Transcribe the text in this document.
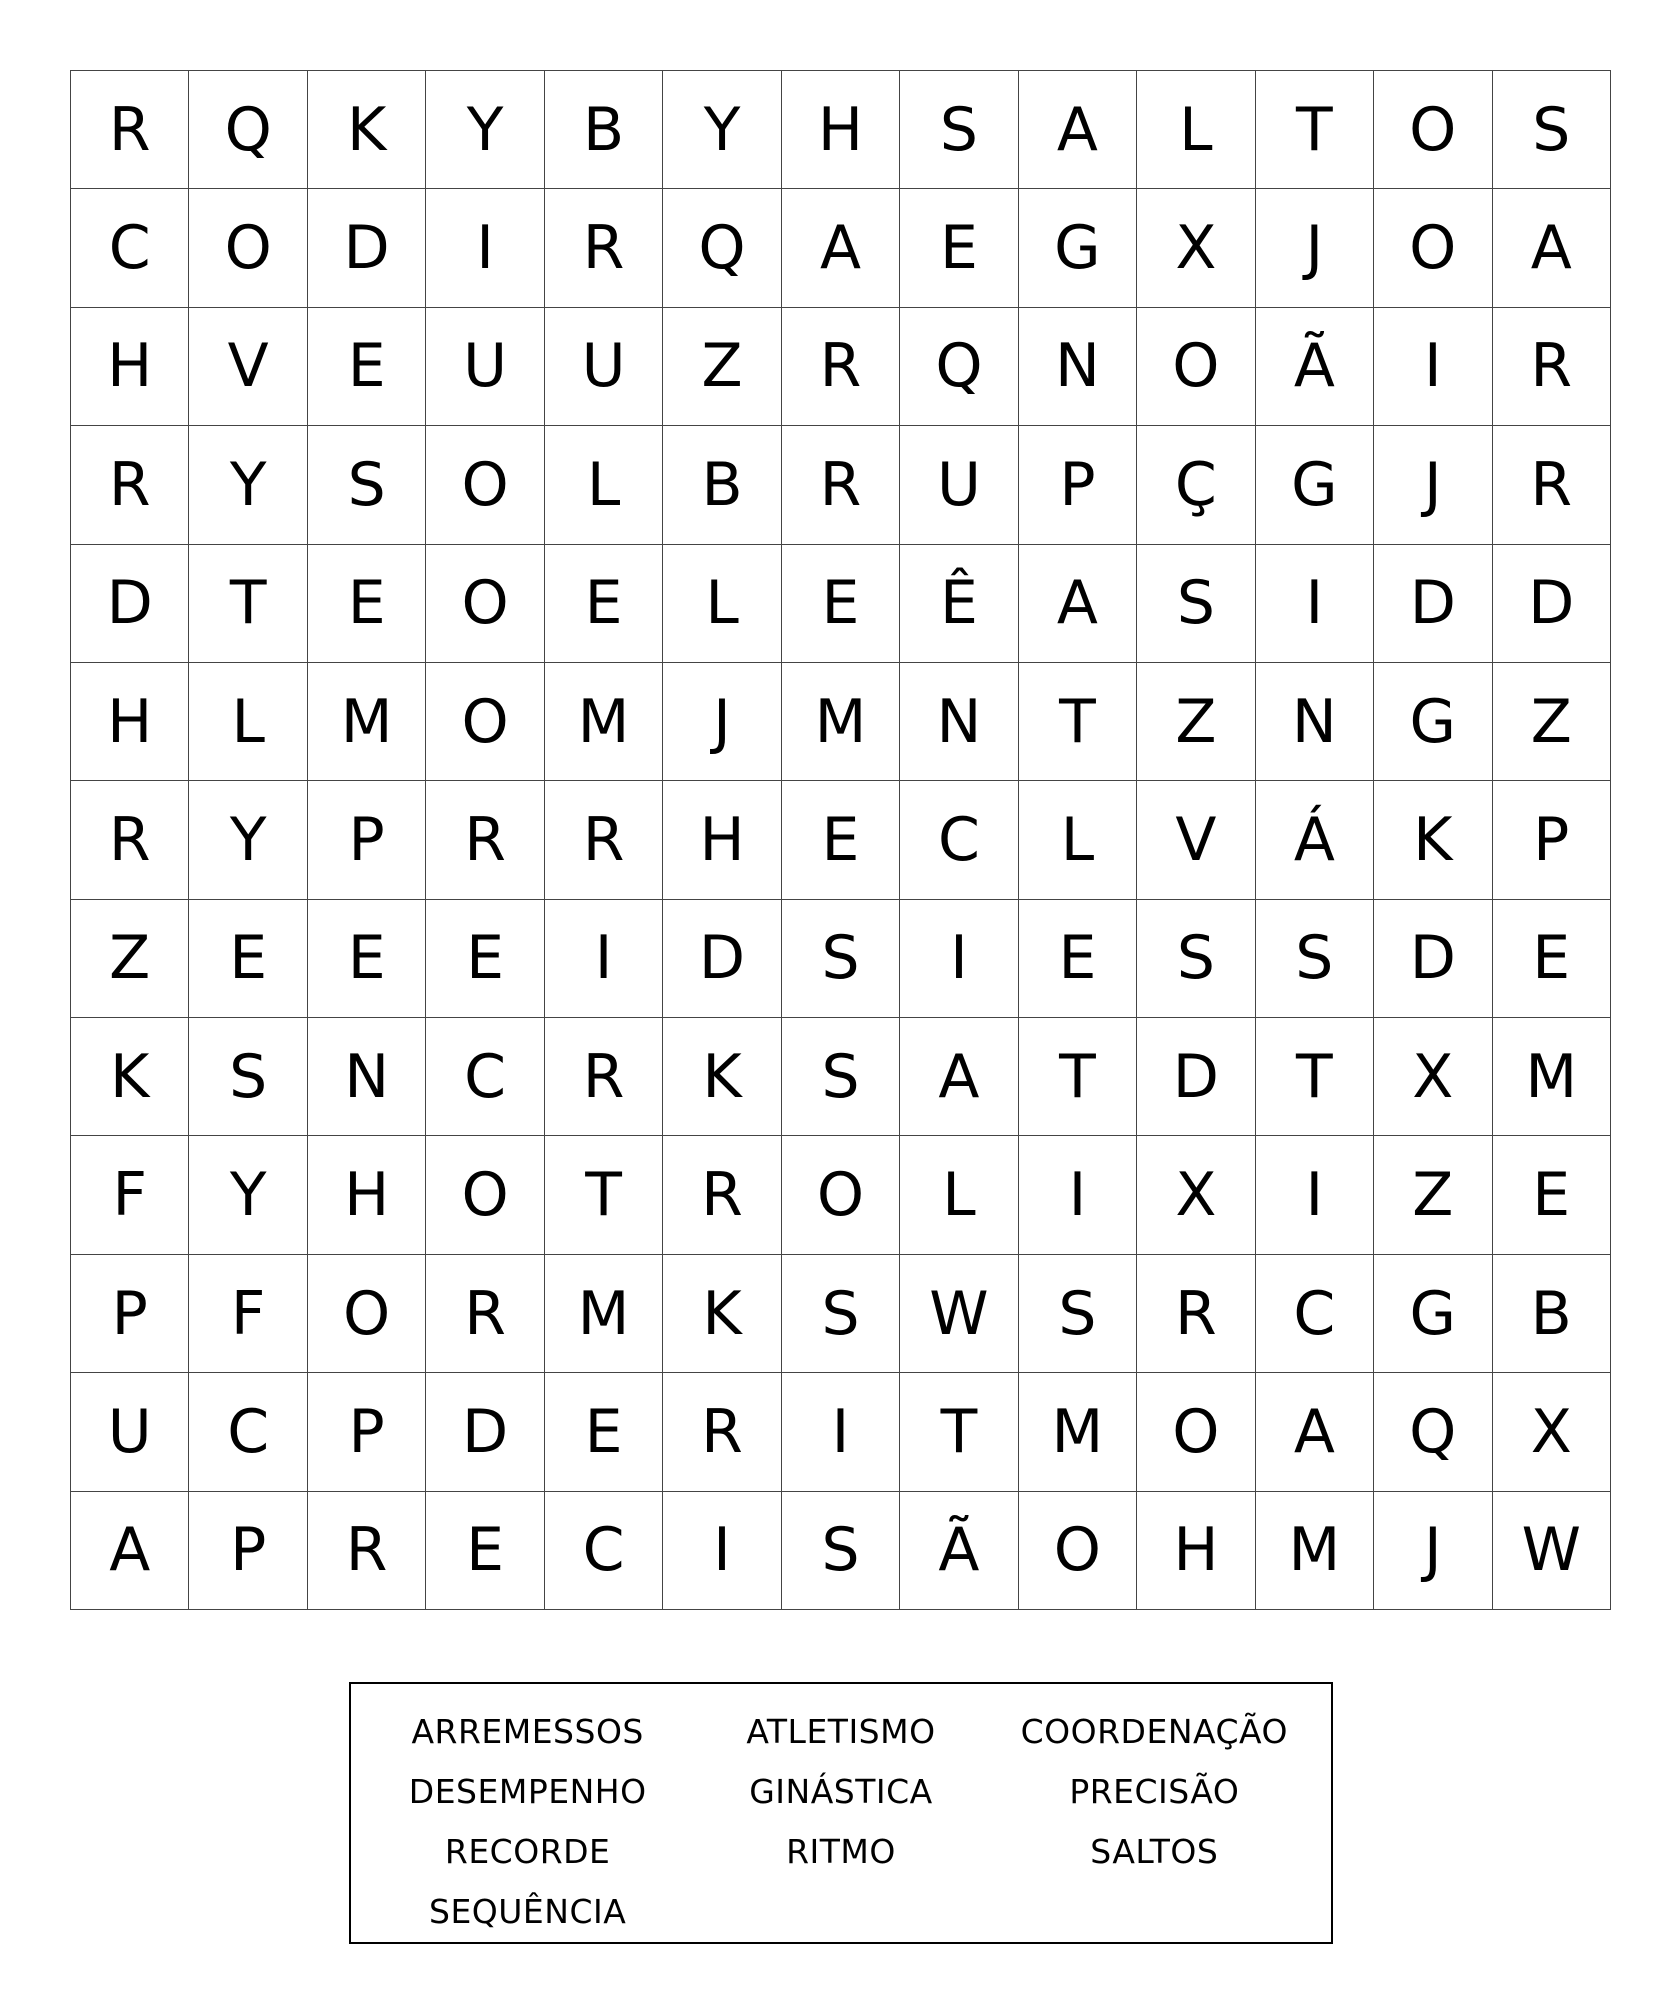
R	Q	K	Y	B	Y	H	S	A	L	T	O	S
C	O	D	I	R	Q	A	E	G	X	J	O	A
H	V	E	U	U	Z	R	Q	N	O	Ã	I	R
R	Y	S	O	L	B	R	U	P	Ç	G	J	R
D	T	E	O	E	L	E	Ê	A	S	I	D	D
H	L	M	O	M	J	M	N	T	Z	N	G	Z
R	Y	P	R	R	H	E	C	L	V	Á	K	P
Z	E	E	E	I	D	S	I	E	S	S	D	E
K	S	N	C	R	K	S	A	T	D	T	X	M
F	Y	H	O	T	R	O	L	I	X	I	Z	E
P	F	O	R	M	K	S	W	S	R	C	G	B
U	C	P	D	E	R	I	T	M	O	A	Q	X
A	P	R	E	C	I	S	Ã	O	H	M	J	W
ARREMESSOS	ATLETISMO	COORDENAÇÃO
DESEMPENHO	GINÁSTICA	PRECISÃO
RECORDE	RITMO	SALTOS
SEQUÊNCIA
